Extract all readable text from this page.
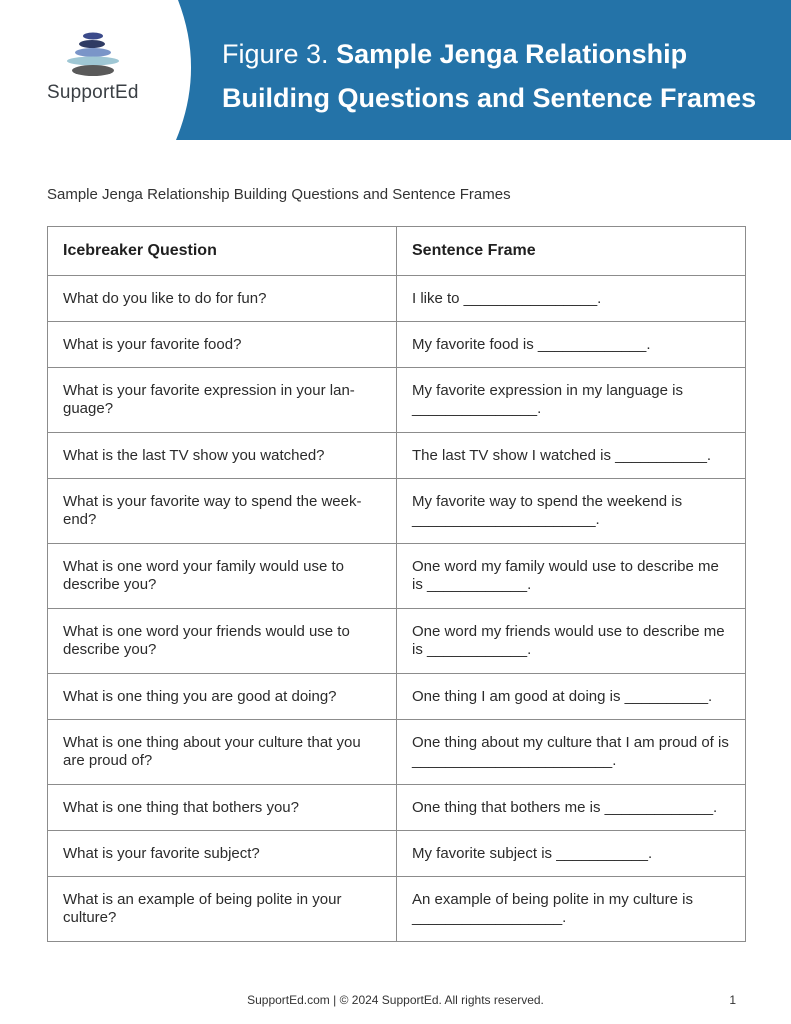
SupportEd
Figure 3. Sample Jenga Relationship Building Questions and Sentence Frames
Sample Jenga Relationship Building Questions and Sentence Frames
Icebreaker Question	Sentence Frame
What do you like to do for fun?	I like to ________________.
What is your favorite food?	My favorite food is _____________.
What is your favorite expression in your lan-guage?	My favorite expression in my language is _______________.
What is the last TV show you watched?	The last TV show I watched is ___________.
What is your favorite way to spend the week-end?	My favorite way to spend the weekend is ______________________.
What is one word your family would use to describe you?	One word my family would use to describe me is ____________.
What is one word your friends would use to describe you?	One word my friends would use to describe me is ____________.
What is one thing you are good at doing?	One thing I am good at doing is __________.
What is one thing about your culture that you are proud of?	One thing about my culture that I am proud of is ________________________.
What is one thing that bothers you?	One thing that bothers me is _____________.
What is your favorite subject?	My favorite subject is ___________.
What is an example of being polite in your culture?	An example of being polite in my culture is __________________.
SupportEd.com | © 2024 SupportEd. All rights reserved.	1
